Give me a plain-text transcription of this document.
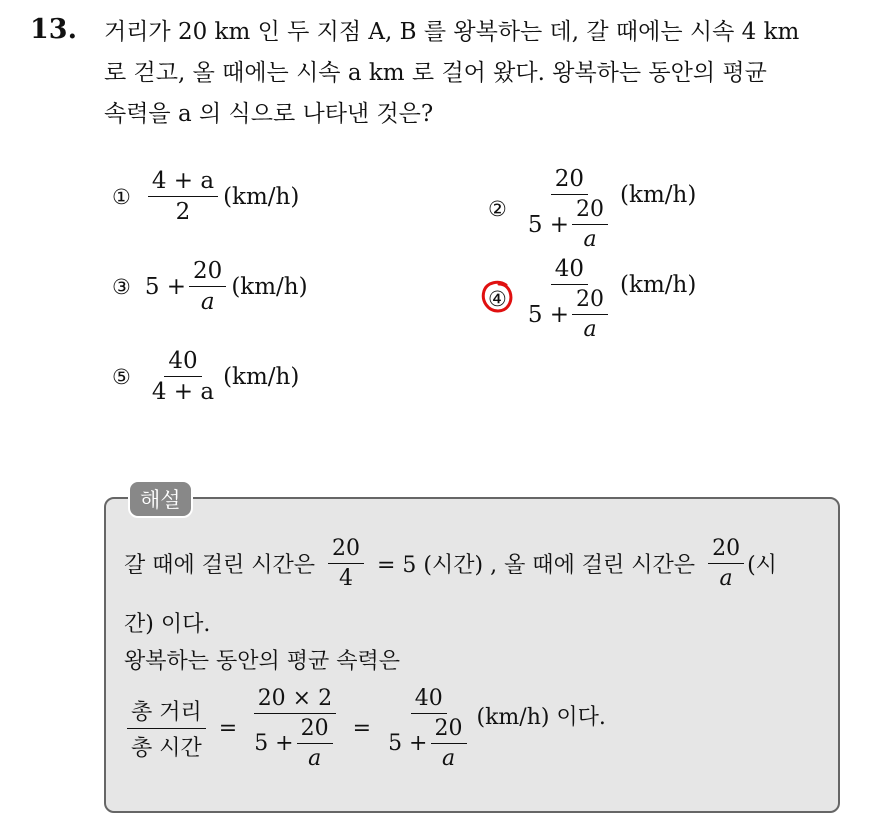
13. 거리가 20 km 인 두 지점 A, B 를 왕복하는 데, 갈 때에는 시속 4 km
로 걷고, 올 때에는 시속 a km 로 걸어 왔다. 왕복하는 동안의 평균
속력을 a 의 식으로 나타낸 것은?
① $\frac{4 + a}{2} (km/h)$	② $\frac{20}{5 + \frac{20}{a}} (km/h)$
③ $5 + \frac{20}{a} (km/h)$	④ $\frac{40}{5 + \frac{20}{a}} (km/h)$
⑤ $\frac{40}{4 + a} (km/h)$
해설
갈 때에 걸린 시간은 $\frac{20}{4} = 5$ (시간) , 올 때에 걸린 시간은 $\frac{20}{a}$ (시
간) 이다.
왕복하는 동안의 평균 속력은
$\frac{\text{총 거리}}{\text{총 시간}} = \frac{20 \times 2}{5 + \frac{20}{a}} = \frac{40}{5 + \frac{20}{a}} (km/h)$ 이다.
